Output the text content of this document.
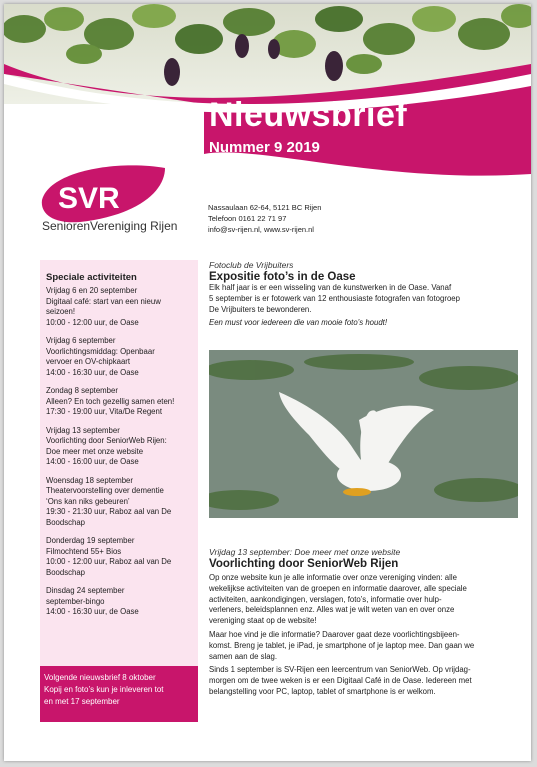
Nieuwsbrief
Nummer 9 2019
SVR
SeniorenVereniging Rijen
Nassaulaan 62-64, 5121 BC Rijen
Telefoon 0161 22 71 97
info@sv-rijen.nl, www.sv-rijen.nl
Speciale activiteiten
Vrijdag 6 en 20 september
Digitaal café: start van een nieuw
seizoen!
10:00 - 12:00 uur, de Oase
Vrijdag 6 september
Voorlichtingsmiddag: Openbaar
vervoer en OV-chipkaart
14:00 - 16:30 uur, de Oase
Zondag 8 september
Alleen? En toch gezellig samen eten!
17:30 - 19:00 uur, Vita/De Regent
Vrijdag 13 september
Voorlichting door SeniorWeb Rijen:
Doe meer met onze website
14:00 - 16:00 uur, de Oase
Woensdag 18 september
Theatervoorstelling over dementie
‘Ons kan niks gebeuren’
19:30 - 21:30 uur, Raboz aal van De Boodschap
Donderdag 19 september
Filmochtend 55+ Bios
10:00 - 12:00 uur, Raboz aal van De Boodschap
Dinsdag 24 september
september-bingo
14:00 - 16:30 uur, de Oase
Volgende nieuwsbrief 8 oktober
Kopij en foto’s kun je inleveren tot
en met 17 september
Fotoclub de Vrijbuiters
Expositie foto’s in de Oase
Elk half jaar is er een wisseling van de kunstwerken in de Oase. Vanaf
5 september is er fotowerk van 12 enthousiaste fotografen van fotogroep
De Vrijbuiters te bewonderen.
Een must voor iedereen die van mooie foto’s houdt!
Vrijdag 13 september: Doe meer met onze website
Voorlichting door SeniorWeb Rijen
Op onze website kun je alle informatie over onze vereniging vinden: alle
wekelijkse activiteiten van de groepen en informatie daarover, alle speciale
activiteiten, aankondigingen, verslagen, foto’s, informatie over hulp-
verleners, beleidsplannen enz. Alles wat je wilt weten van en over onze
vereniging staat op de website!
Maar hoe vind je die informatie? Daarover gaat deze voorlichtingsbijeen-
komst. Breng je tablet, je iPad, je smartphone of je laptop mee. Dan gaan we
samen aan de slag.
Sinds 1 september is SV-Rijen een leercentrum van SeniorWeb. Op vrijdag-
morgen om de twee weken is er een Digitaal Café in de Oase. Iedereen met
belangstelling voor PC, laptop, tablet of smartphone is er welkom.
